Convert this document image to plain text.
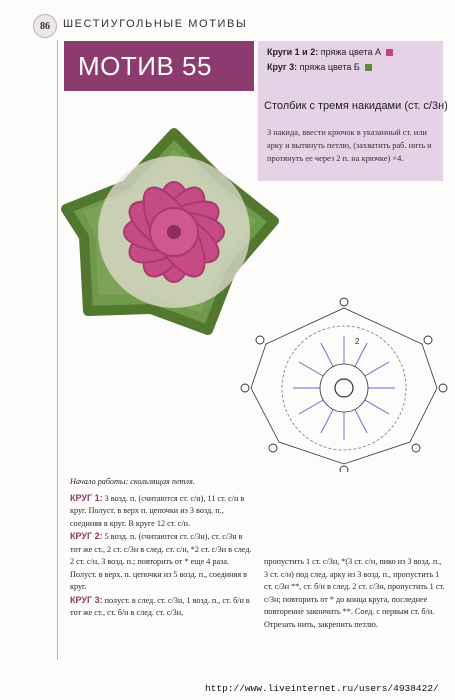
86	ШЕСТИУГОЛЬНЫЕ МОТИВЫ
МОТИВ 55	Круги 1 и 2: пряжа цвета А
Круг 3: пряжа цвета Б
Столбик с тремя накидами (ст. с/3н)
3 накида, ввести крючок в указанный ст. или арку и вытянуть петлю, (захватить раб. нить и протянуть ее через 2 п. на крючке) ×4.
2

Начало работы: скользящая петля.

КРУГ 1: 3 возд. п. (считаются ст. с/н), 11 ст. с/н в круг. Полуст. в верх п. цепочки из 3 возд. п., соединяя в круг. В круге 12 ст. с/н.

КРУГ 2: 5 возд. п. (считаются ст. с/3н), ст. с/3н в тот же ст., 2 ст. с/3н в след. ст. с/н, *2 ст. с/3н в след. 2 ст. с/н, 3 возд. п.; повторить от * еще 4 раза. Полуст. в верх. п. цепочки из 5 возд. п., соединяя в круг.

КРУГ 3: полуст. в след. ст. с/3н, 1 возд. п., ст. б/н в тот же ст., ст. б/н в след. ст. с/3н,

пропустить 1 ст. с/3н, *(3 ст. с/н, пико из 3 возд. п., 3 ст. с/н) под след. арку из 3 возд. п., пропустить 1 ст. с/3н **, ст. б/н в след. 2 ст. с/3н, пропустить 1 ст. с/3н; повторить от * до конца круга, последнее повторение закончить **. Соед. с первым ст. б/н. Отрезать нить, закрепить петлю.

http://www.liveinternet.ru/users/4938422/
